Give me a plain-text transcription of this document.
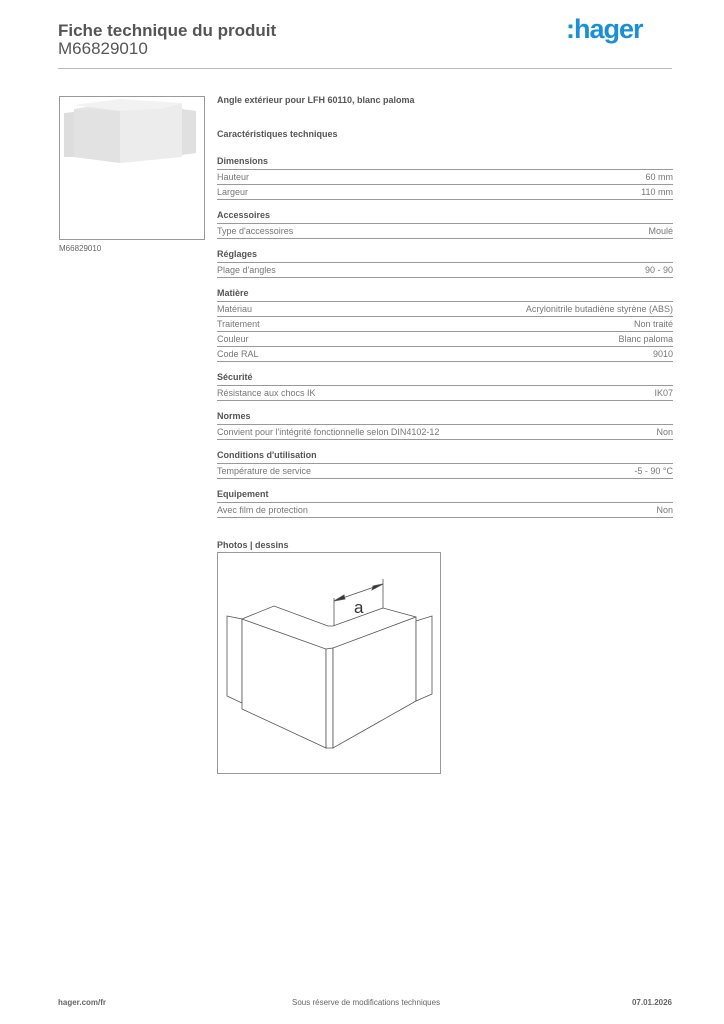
Fiche technique du produit
M66829010
:hager
M66829010
Angle extérieur pour LFH 60110, blanc paloma
Caractéristiques techniques
Dimensions
Hauteur	60 mm
Largeur	110 mm
Accessoires
Type d'accessoires	Moulé
Réglages
Plage d'angles	90 - 90
Matière
Matériau	Acrylonitrile butadiène styrène (ABS)
Traitement	Non traité
Couleur	Blanc paloma
Code RAL	9010
Sécurité
Résistance aux chocs IK	IK07
Normes
Convient pour l'intégrité fonctionnelle selon DIN4102-12	Non
Conditions d'utilisation
Température de service	-5 - 90 °C
Equipement
Avec film de protection	Non
Photos | dessins
a
hager.com/fr	Sous réserve de modifications techniques	07.01.2026
